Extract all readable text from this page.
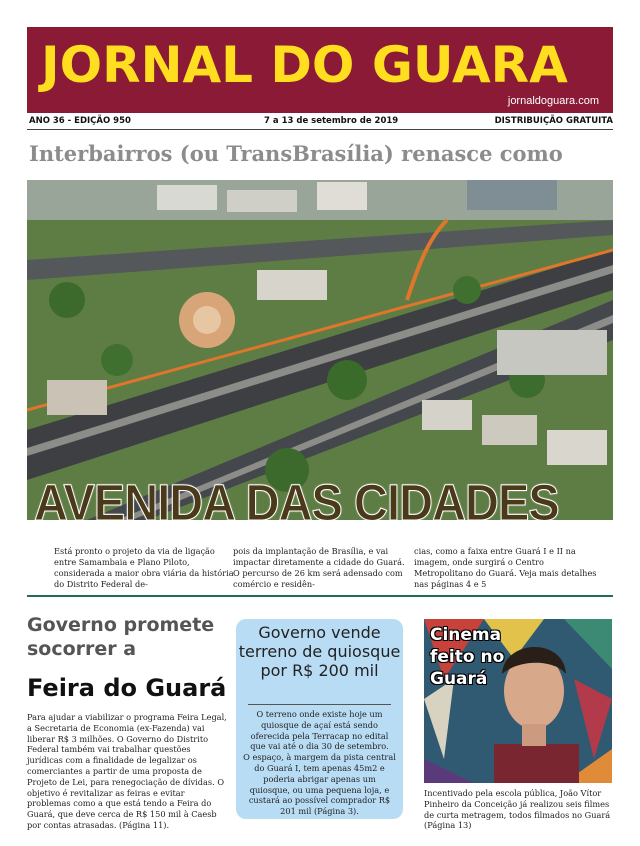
JORNAL DO GUARA
jornaldoguara.com
ANO 36 - EDIÇÃO 950	7 a 13 de setembro de 2019	DISTRIBUIÇÃO GRATUITA
Interbairros (ou TransBrasília) renasce como
AVENIDA DAS CIDADES
Está pronto o projeto da via de ligação entre Samambaia e Plano Piloto, considerada a maior obra viária da história do Distrito Federal de-
pois da implantação de Brasília, e vai impactar diretamente a cidade do Guará. O percurso de 26 km será adensado com comércio e residên-
cias, como a faixa entre Guará I e II na imagem, onde surgirá o Centro Metropolitano do Guará. Veja mais detalhes nas páginas 4 e 5
Governo promete socorrer a
Feira do Guará
Para ajudar a viabilizar o programa Feira Legal, a Secretaria de Economia (ex-Fazenda) vai liberar R$ 3 milhões. O Governo do Distrito Federal também vai trabalhar questões jurídicas com a finalidade de legalizar os comerciantes a partir de uma proposta de Projeto de Lei, para renegociação de dívidas. O objetivo é revitalizar as feiras e evitar problemas como a que está tendo a Feira do Guará, que deve cerca de R$ 150 mil à Caesb por contas atrasadas. (Página 11).
Governo vende terreno de quiosque por R$ 200 mil
O terreno onde existe hoje um quiosque de açaí está sendo oferecida pela Terracap no edital que vai até o dia 30 de setembro.
O espaço, à margem da pista central do Guará I, tem apenas 45m2 e poderia abrigar apenas um quiosque, ou uma pequena loja, e custará ao possível comprador R$ 201 mil (Página 3).
Cinema feito no Guará
Incentivado pela escola pública, João Vítor Pinheiro da Conceição já realizou seis filmes de curta metragem, todos filmados no Guará (Página 13)
